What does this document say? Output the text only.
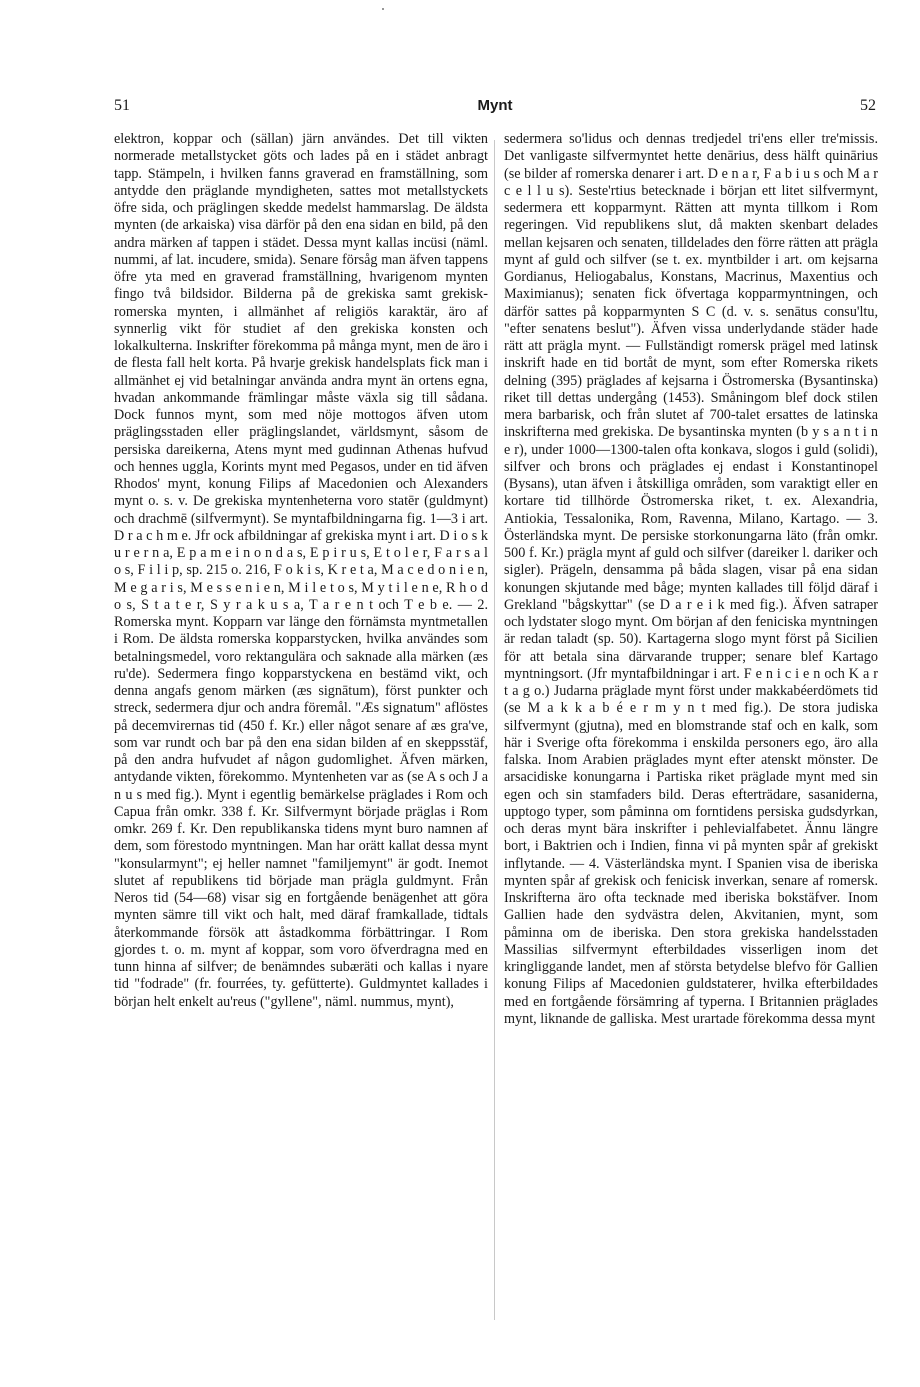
51	Mynt	52

elektron, koppar och (sällan) järn användes. Det till vikten normerade metallstycket göts och lades på en i städet anbragt tapp. Stämpeln, i hvilken fanns graverad en framställning, som antydde den präglande myndigheten, sattes mot metallstyckets öfre sida, och präglingen skedde medelst hammarslag. De äldsta mynten (de arkaiska) visa därför på den ena sidan en bild, på den andra märken af tappen i städet. Dessa mynt kallas incüsi (näml. nummi, af lat. incudere, smida). Senare försåg man äfven tappens öfre yta med en graverad framställning, hvarigenom mynten fingo två bildsidor. Bilderna på de grekiska samt grekisk-romerska mynten, i allmänhet af religiös karaktär, äro af synnerlig vikt för studiet af den grekiska konsten och lokalkulterna. Inskrifter förekomma på många mynt, men de äro i de flesta fall helt korta. På hvarje grekisk handelsplats fick man i allmänhet ej vid betalningar använda andra mynt än ortens egna, hvadan ankommande främlingar måste växla sig till sådana. Dock funnos mynt, som med nöje mottogos äfven utom präglingsstaden eller präglingslandet, världsmynt, såsom de persiska dareikerna, Atens mynt med gudinnan Athenas hufvud och hennes uggla, Korints mynt med Pegasos, under en tid äfven Rhodos' mynt, konung Filips af Macedonien och Alexanders mynt o. s. v. De grekiska myntenheterna voro statēr (guldmynt) och drachmē (silfvermynt). Se myntafbildningarna fig. 1—3 i art. D r a c h m e. Jfr ock afbildningar af grekiska mynt i art. D i o s k u r e r n a, E p a m e i n o n d a s, E p i r u s, E t o l e r, F a r s a l o s, F i l i p, sp. 215 o. 216, F o k i s, K r e t a, M a c e d o n i e n, M e g a r i s, M e s s e n i e n, M i l e t o s, M y t i l e n e, R h o d o s, S t a t e r, S y r a k u s a, T a r e n t och T e b e. — 2. Romerska mynt. Kopparn var länge den förnämsta myntmetallen i Rom. De äldsta romerska kopparstycken, hvilka användes som betalningsmedel, voro rektangulära och saknade alla märken (æs ru'de). Sedermera fingo kopparstyckena en bestämd vikt, och denna angafs genom märken (æs signātum), först punkter och streck, sedermera djur och andra föremål. "Æs signatum" aflöstes på decemvirernas tid (450 f. Kr.) eller något senare af æs gra've, som var rundt och bar på den ena sidan bilden af en skeppsstäf, på den andra hufvudet af någon gudomlighet. Äfven märken, antydande vikten, förekommo. Myntenheten var as (se A s och J a n u s med fig.). Mynt i egentlig bemärkelse präglades i Rom och Capua från omkr. 338 f. Kr. Silfvermynt började präglas i Rom omkr. 269 f. Kr. Den republikanska tidens mynt buro namnen af dem, som förestodo myntningen. Man har orätt kallat dessa mynt "konsularmynt"; ej heller namnet "familjemynt" är godt. Inemot slutet af republikens tid började man prägla guldmynt. Från Neros tid (54—68) visar sig en fortgående benägenhet att göra mynten sämre till vikt och halt, med däraf framkallade, tidtals återkommande försök att åstadkomma förbättringar. I Rom gjordes t. o. m. mynt af koppar, som voro öfverdragna med en tunn hinna af silfver; de benämndes subæräti och kallas i nyare tid "fodrade" (fr. fourrées, ty. gefütterte). Guldmyntet kallades i början helt enkelt au'reus ("gyllene", näml. nummus, mynt),

sedermera so'lidus och dennas tredjedel tri'ens eller tre'missis. Det vanligaste silfvermyntet hette denārius, dess hälft quinārius (se bilder af romerska denarer i art. D e n a r, F a b i u s och M a r c e l l u s). Seste'rtius betecknade i början ett litet silfvermynt, sedermera ett kopparmynt. Rätten att mynta tillkom i Rom regeringen. Vid republikens slut, då makten skenbart delades mellan kejsaren och senaten, tilldelades den förre rätten att prägla mynt af guld och silfver (se t. ex. myntbilder i art. om kejsarna Gordianus, Heliogabalus, Konstans, Macrinus, Maxentius och Maximianus); senaten fick öfvertaga kopparmyntningen, och därför sattes på kopparmynten S C (d. v. s. senātus consu'ltu, "efter senatens beslut"). Äfven vissa underlydande städer hade rätt att prägla mynt. — Fullständigt romersk prägel med latinsk inskrift hade en tid bortåt de mynt, som efter Romerska rikets delning (395) präglades af kejsarna i Östromerska (Bysantinska) riket till dettas undergång (1453). Småningom blef dock stilen mera barbarisk, och från slutet af 700-talet ersattes de latinska inskrifterna med grekiska. De bysantinska mynten (b y s a n t i n e r), under 1000—1300-talen ofta konkava, slogos i guld (solidi), silfver och brons och präglades ej endast i Konstantinopel (Bysans), utan äfven i åtskilliga områden, som varaktigt eller en kortare tid tillhörde Östromerska riket, t. ex. Alexandria, Antiokia, Tessalonika, Rom, Ravenna, Milano, Kartago. — 3. Österländska mynt. De persiske storkonungarna läto (från omkr. 500 f. Kr.) prägla mynt af guld och silfver (dareiker l. dariker och sigler). Prägeln, densamma på båda slagen, visar på ena sidan konungen skjutande med båge; mynten kallades till följd däraf i Grekland "bågskyttar" (se D a r e i k med fig.). Äfven satraper och lydstater slogo mynt. Om början af den feniciska myntningen är redan taladt (sp. 50). Kartagerna slogo mynt först på Sicilien för att betala sina därvarande trupper; senare blef Kartago myntningsort. (Jfr myntafbildningar i art. F e n i c i e n och K a r t a g o.) Judarna präglade mynt först under makkabéerdömets tid (se M a k k a b é e r m y n t med fig.). De stora judiska silfvermynt (gjutna), med en blomstrande staf och en kalk, som här i Sverige ofta förekomma i enskilda personers ego, äro alla falska. Inom Arabien präglades mynt efter atenskt mönster. De arsacidiske konungarna i Partiska riket präglade mynt med sin egen och sin stamfaders bild. Deras efterträdare, sasaniderna, upptogo typer, som påminna om forntidens persiska gudsdyrkan, och deras mynt bära inskrifter i pehlevialfabetet. Ännu längre bort, i Baktrien och i Indien, finna vi på mynten spår af grekiskt inflytande. — 4. Västerländska mynt. I Spanien visa de iberiska mynten spår af grekisk och fenicisk inverkan, senare af romersk. Inskrifterna äro ofta tecknade med iberiska bokstäfver. Inom Gallien hade den sydvästra delen, Akvitanien, mynt, som påminna om de iberiska. Den stora grekiska handelsstaden Massilias silfvermynt efterbildades visserligen inom det kringliggande landet, men af största betydelse blefvo för Gallien konung Filips af Macedonien guldstaterer, hvilka efterbildades med en fortgående försämring af typerna. I Britannien präglades mynt, liknande de galliska. Mest urartade förekomma dessa mynt
